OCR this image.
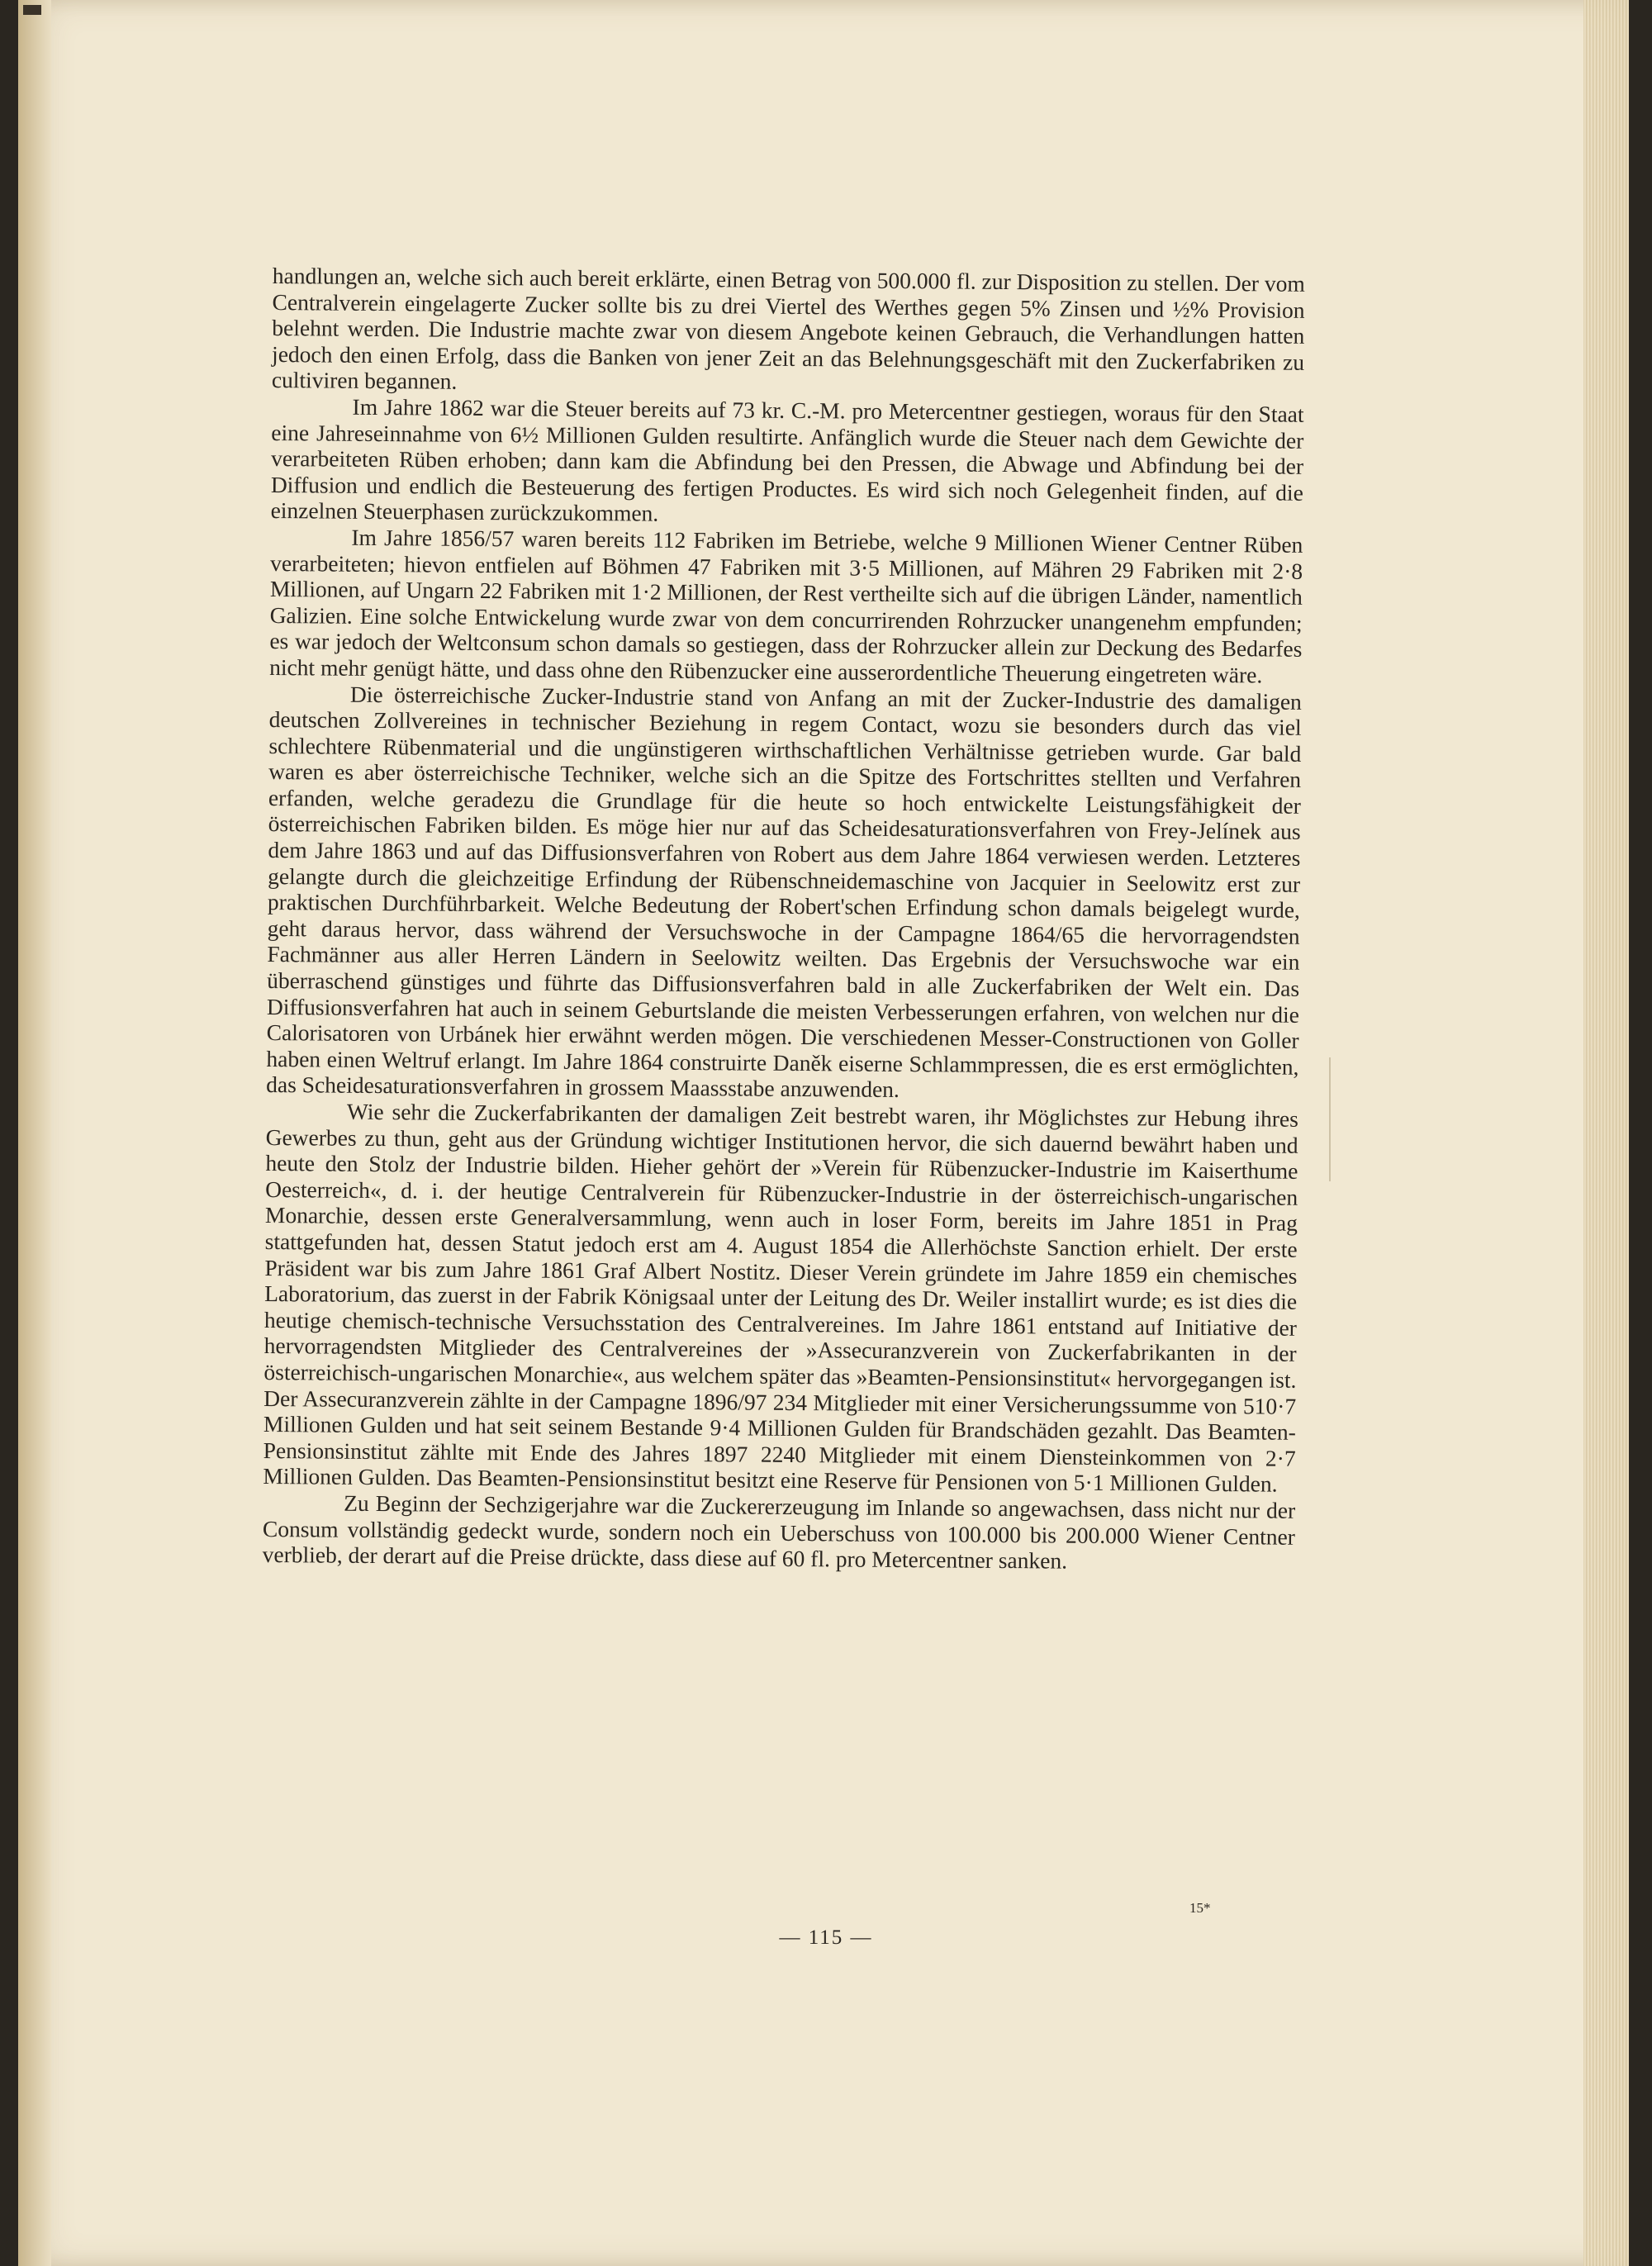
handlungen an, welche sich auch bereit erklärte, einen Betrag von 500.000 fl. zur Disposition zu stellen. Der vom Centralverein eingelagerte Zucker sollte bis zu drei Viertel des Werthes gegen 5% Zinsen und ½% Provision belehnt werden. Die Industrie machte zwar von diesem Angebote keinen Gebrauch, die Verhandlungen hatten jedoch den einen Erfolg, dass die Banken von jener Zeit an das Belehnungsgeschäft mit den Zuckerfabriken zu cultiviren begannen.

Im Jahre 1862 war die Steuer bereits auf 73 kr. C.-M. pro Metercentner gestiegen, woraus für den Staat eine Jahreseinnahme von 6½ Millionen Gulden resultirte. Anfänglich wurde die Steuer nach dem Gewichte der verarbeiteten Rüben erhoben; dann kam die Abfindung bei den Pressen, die Abwage und Abfindung bei der Diffusion und endlich die Besteuerung des fertigen Productes. Es wird sich noch Gelegenheit finden, auf die einzelnen Steuerphasen zurückzukommen.

Im Jahre 1856/57 waren bereits 112 Fabriken im Betriebe, welche 9 Millionen Wiener Centner Rüben verarbeiteten; hievon entfielen auf Böhmen 47 Fabriken mit 3·5 Millionen, auf Mähren 29 Fabriken mit 2·8 Millionen, auf Ungarn 22 Fabriken mit 1·2 Millionen, der Rest vertheilte sich auf die übrigen Länder, namentlich Galizien. Eine solche Entwickelung wurde zwar von dem concurrirenden Rohrzucker unangenehm empfunden; es war jedoch der Weltconsum schon damals so gestiegen, dass der Rohrzucker allein zur Deckung des Bedarfes nicht mehr genügt hätte, und dass ohne den Rübenzucker eine ausserordentliche Theuerung eingetreten wäre.

Die österreichische Zucker-Industrie stand von Anfang an mit der Zucker-Industrie des damaligen deutschen Zollvereines in technischer Beziehung in regem Contact, wozu sie besonders durch das viel schlechtere Rübenmaterial und die ungünstigeren wirthschaftlichen Verhältnisse getrieben wurde. Gar bald waren es aber österreichische Techniker, welche sich an die Spitze des Fortschrittes stellten und Verfahren erfanden, welche geradezu die Grundlage für die heute so hoch entwickelte Leistungsfähigkeit der österreichischen Fabriken bilden. Es möge hier nur auf das Scheidesaturationsverfahren von Frey-Jelínek aus dem Jahre 1863 und auf das Diffusionsverfahren von Robert aus dem Jahre 1864 verwiesen werden. Letzteres gelangte durch die gleichzeitige Erfindung der Rübenschneidemaschine von Jacquier in Seelowitz erst zur praktischen Durchführbarkeit. Welche Bedeutung der Robert'schen Erfindung schon damals beigelegt wurde, geht daraus hervor, dass während der Versuchswoche in der Campagne 1864/65 die hervorragendsten Fachmänner aus aller Herren Ländern in Seelowitz weilten. Das Ergebnis der Versuchswoche war ein überraschend günstiges und führte das Diffusionsverfahren bald in alle Zuckerfabriken der Welt ein. Das Diffusionsverfahren hat auch in seinem Geburtslande die meisten Verbesserungen erfahren, von welchen nur die Calorisatoren von Urbánek hier erwähnt werden mögen. Die verschiedenen Messer-Constructionen von Goller haben einen Weltruf erlangt. Im Jahre 1864 construirte Daněk eiserne Schlammpressen, die es erst ermöglichten, das Scheidesaturationsverfahren in grossem Maassstabe anzuwenden.

Wie sehr die Zuckerfabrikanten der damaligen Zeit bestrebt waren, ihr Möglichstes zur Hebung ihres Gewerbes zu thun, geht aus der Gründung wichtiger Institutionen hervor, die sich dauernd bewährt haben und heute den Stolz der Industrie bilden. Hieher gehört der »Verein für Rübenzucker-Industrie im Kaiserthume Oesterreich«, d. i. der heutige Centralverein für Rübenzucker-Industrie in der österreichisch-ungarischen Monarchie, dessen erste Generalversammlung, wenn auch in loser Form, bereits im Jahre 1851 in Prag stattgefunden hat, dessen Statut jedoch erst am 4. August 1854 die Allerhöchste Sanction erhielt. Der erste Präsident war bis zum Jahre 1861 Graf Albert Nostitz. Dieser Verein gründete im Jahre 1859 ein chemisches Laboratorium, das zuerst in der Fabrik Königsaal unter der Leitung des Dr. Weiler installirt wurde; es ist dies die heutige chemisch-technische Versuchsstation des Centralvereines. Im Jahre 1861 entstand auf Initiative der hervorragendsten Mitglieder des Centralvereines der »Assecuranzverein von Zuckerfabrikanten in der österreichisch-ungarischen Monarchie«, aus welchem später das »Beamten-Pensionsinstitut« hervorgegangen ist. Der Assecuranzverein zählte in der Campagne 1896/97 234 Mitglieder mit einer Versicherungssumme von 510·7 Millionen Gulden und hat seit seinem Bestande 9·4 Millionen Gulden für Brandschäden gezahlt. Das Beamten-Pensionsinstitut zählte mit Ende des Jahres 1897 2240 Mitglieder mit einem Diensteinkommen von 2·7 Millionen Gulden. Das Beamten-Pensionsinstitut besitzt eine Reserve für Pensionen von 5·1 Millionen Gulden.

Zu Beginn der Sechzigerjahre war die Zuckererzeugung im Inlande so angewachsen, dass nicht nur der Consum vollständig gedeckt wurde, sondern noch ein Ueberschuss von 100.000 bis 200.000 Wiener Centner verblieb, der derart auf die Preise drückte, dass diese auf 60 fl. pro Metercentner sanken.

15*
— 115 —
